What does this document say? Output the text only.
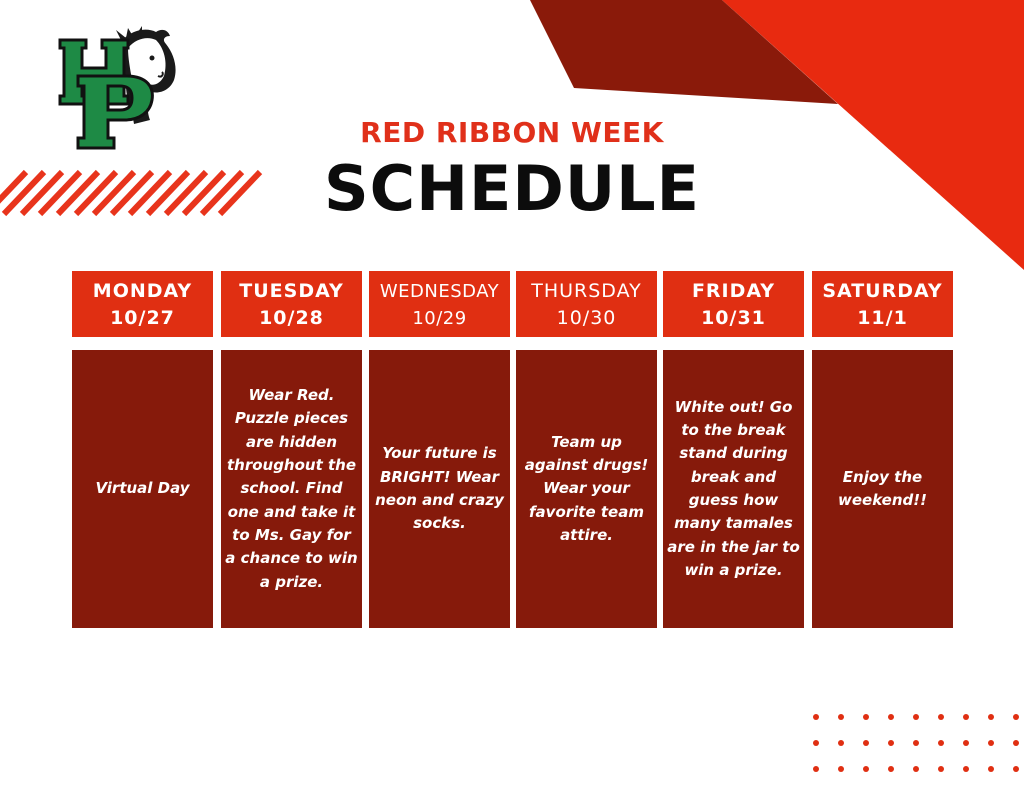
RED RIBBON WEEK
SCHEDULE
MONDAY
10/27
Virtual Day
TUESDAY
10/28
Wear Red. Puzzle pieces are hidden throughout the school. Find one and take it to Ms. Gay for a chance to win a prize.
WEDNESDAY
10/29
Your future is BRIGHT! Wear neon and crazy socks.
THURSDAY
10/30
Team up against drugs! Wear your favorite team attire.
FRIDAY
10/31
White out! Go to the break stand during break and guess how many tamales are in the jar to win a prize.
SATURDAY
11/1
Enjoy the weekend!!
